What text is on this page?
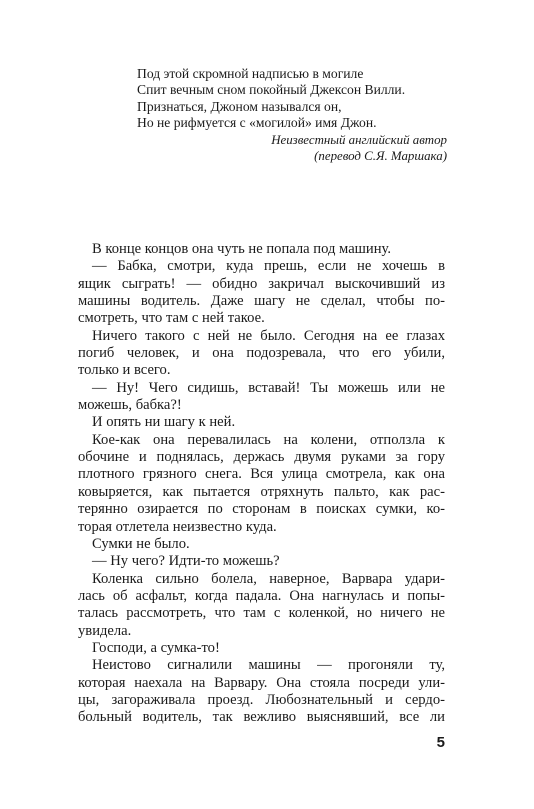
Под этой скромной надписью в могиле
Спит вечным сном покойный Джексон Вилли.
Признаться, Джоном назывался он,
Но не рифмуется с «могилой» имя Джон.
Неизвестный английский автор
(перевод С.Я. Маршака)
В конце концов она чуть не попала под машину.
— Бабка, смотри, куда прешь, если не хочешь в
ящик сыграть! — обидно закричал выскочивший из
машины водитель. Даже шагу не сделал, чтобы по-
смотреть, что там с ней такое.
Ничего такого с ней не было. Сегодня на ее глазах
погиб человек, и она подозревала, что его убили,
только и всего.
— Ну! Чего сидишь, вставай! Ты можешь или не
можешь, бабка?!
И опять ни шагу к ней.
Кое-как она перевалилась на колени, отползла к
обочине и поднялась, держась двумя руками за гору
плотного грязного снега. Вся улица смотрела, как она
ковыряется, как пытается отряхнуть пальто, как рас-
терянно озирается по сторонам в поисках сумки, ко-
торая отлетела неизвестно куда.
Сумки не было.
— Ну чего? Идти-то можешь?
Коленка сильно болела, наверное, Варвара удари-
лась об асфальт, когда падала. Она нагнулась и попы-
талась рассмотреть, что там с коленкой, но ничего не
увидела.
Господи, а сумка-то!
Неистово сигналили машины — прогоняли ту,
которая наехала на Варвару. Она стояла посреди ули-
цы, загораживала проезд. Любознательный и сердо-
больный водитель, так вежливо выяснявший, все ли
5
